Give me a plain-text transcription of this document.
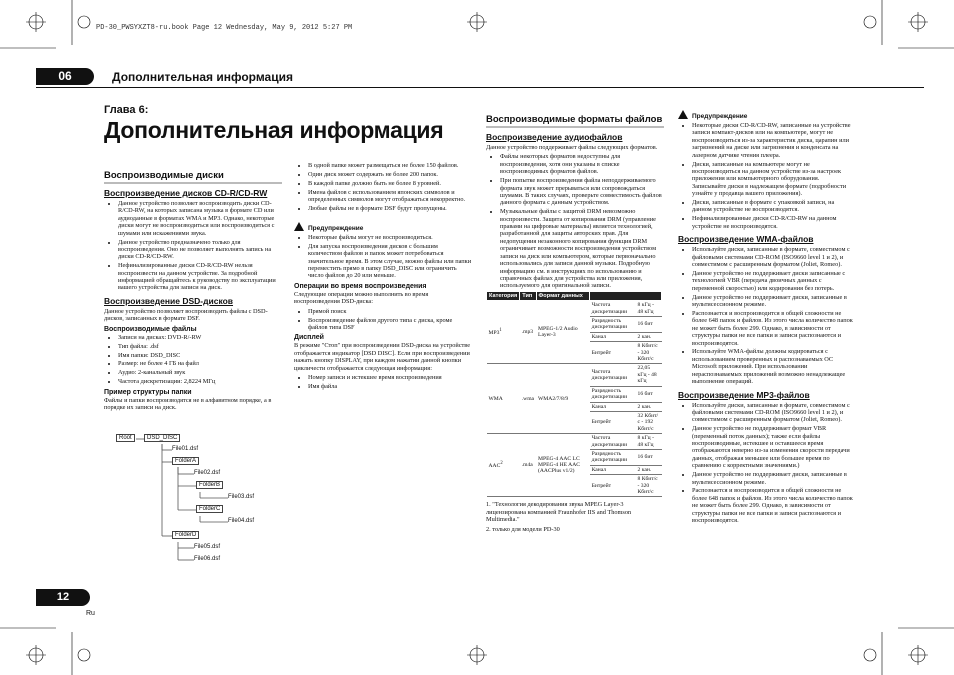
PD-30_PWSYXZT8-ru.book Page 12 Wednesday, May 9, 2012 5:27 PM
06	Дополнительная информация
Глава 6:
Дополнительная информация
Воспроизводимые диски
Воспроизведение дисков CD-R/CD-RW
• Данное устройство позволяет воспроизводить диски CD-R/CD-RW, на которых записана музыка в формате CD или аудиоданные в форматах WMA и MP3. Однако, некоторые диски могут не воспроизводиться или воспроизводиться с шумами или искажениями звука.
• Данное устройство предназначено только для воспроизведения. Оно не позволяет выполнять запись на диски CD-R/CD-RW.
• Нефинализированные диски CD-R/CD-RW нельзя воспроизвести на данном устройстве. За подробной информацией обращайтесь к руководству по эксплуатации вашего устройства для записи на диск.
Воспроизведение DSD-дисков

Данное устройство позволяет воспроизводить файлы с DSD-дисков, записанных в формате DSF.

Воспроизводимые файлы
• Записи на дисках: DVD-R/-RW
• Тип файла: .dsf
• Имя папки: DSD_DISC
• Размер: не более 4 ГБ на файл
• Аудио: 2-канальный звук
• Частота дискретизации: 2,8224 МГц
Пример структуры папки

Файлы и папки воспроизводятся не в алфавитном порядке, а в порядке их записи на диск.

Root	DSD_DISC
File01.dsf
FolderA
File02.dsf
FolderB
File03.dsf
FolderC
File04.dsf
FolderD
File05.dsf
File06.dsf
• В одной папке может размещаться не более 150 файлов.
• Один диск может содержать не более 200 папок.
• В каждой папке должно быть не более 8 уровней.
• Имена файлов с использованием японских символов и определенных символов могут отображаться некорректно.
• Любые файлы не в формате DSF будут пропущены.
Предупреждение
• Некоторые файлы могут не воспроизводиться.
• Для запуска воспроизведения дисков с большим количеством файлов и папок может потребоваться значительное время. В этом случае, можно файлы или папки переместить прямо в папку DSD_DISC или ограничить число файлов до 20 или меньше.
Операции во время воспроизведения

Следующие операции можно выполнить во время воспроизведения DSD-диска:

• Прямой поиск
• Воспроизведение файлов другого типа с диска, кроме файлов типа DSF
Дисплей

В режиме "Стоп" при воспроизведении DSD-диска на устройстве отображается индикатор [DSD DISC]. Если при воспроизведении нажать кнопку DISPLAY, при каждом нажатии данной кнопки цикличести отображается следующая информация:

• Номер записи и истекшее время воспроизведения
• Имя файла
Воспроизводимые форматы файлов
Воспроизведение аудиофайлов

Данное устройство поддерживает файлы следующих форматов.

• Файлы некоторых форматов недоступны для воспроизведения, хотя они указаны в списке воспроизводимых форматов файлов.
• При попытке воспроизведения файла неподдерживаемого формата звук может прерываться или сопровождаться шумами. В таких случаях, проверьте совместимость файлов данного формата с данным устройством.
• Музыкальные файлы с защитой DRM невозможно воспроизвести. Защита от копирования DRM (управление правами на цифровые материалы) является технологией, разработанной для защиты авторских прав. Для недопущения незаконного копирования функция DRM ограничивает возможности воспроизведения устройством записи на диск или компьютером, которые первоначально использовались для записи данной музыки. Подробную информацию см. в инструкциях по использованию и справочных файлах для устройства или приложения, используемого для оригинальной записи.
Категория	Тип	Формат данных		
$MP3^1$	.mp3	MPEG-1/2 Audio Layer-3	Частота дискретизации	8 кГц - 48 кГц
			Разрядность дискретизации	16 бит
			Канал	2 кан.
			Битрейт	8 Кбит/с - 320 Кбит/с
WMA	.wma	WMA2/7/8/9	Частота дискретизации	22,05 кГц - 48 кГц
			Разрядность дискретизации	16 бит
			Канал	2 кан.
			Битрейт	32 Кбит/с - 192 Кбит/с
AAC$^2$	.m4a	MPEG-4 AAC LC MPEG-4 HE AAC (AACPlus v1/2)	Частота дискретизации	8 кГц - 48 кГц
			Разрядность дискретизации	16 бит
			Канал	2 кан.
			Битрейт	8 Кбит/с - 320 Кбит/с

1. "Технология декодирования звука MPEG Layer-3 лицензирована компанией Fraunhofer IIS and Thomson Multimedia."

2. только для модели PD-30

Предупреждение
• Некоторые диски CD-R/CD-RW, записанные на устройстве записи компакт-дисков или на компьютере, могут не воспроизводиться из-за характеристик диска, царапин или загрязнений на диске или загрязнения и конденсата на лазерном датчике чтения плеера.
• Диски, записанные на компьютере могут не воспроизводиться на данном устройстве из-за настроек приложения или компьютерного оборудования. Записывайте диски в надлежащем формате (подробности узнайте у продавца вашего приложения).
• Диски, записанные в формате с упаковкой записи, на данном устройстве не воспроизводятся.
• Нефинализированные диски CD-R/CD-RW на данном устройстве не воспроизводятся.
Воспроизведение WMA-файлов
• Используйте диски, записанные в формате, совместимом с файловыми системами CD-ROM (ISO9660 level 1 и 2), и совместимом с расширенным форматом (Joliet, Romeo).
• Данное устройство не поддерживает диски записанные с технологией VBR (передача двоичных данных с переменной скоростью) или кодирования без потерь.
• Данное устройство не поддерживает диски, записанные в мультисессионном режиме.
• Распознается и воспроизводится в общей сложности не более 648 папок и файлов. Из этого числа количество папок не может быть более 299. Однако, в зависимости от структуры папки не все папки и записи распознаются и воспроизводятся.
• Используйте WMA-файлы должны кодироваться с использованием проверенных и распознаваемых ОС Microsoft приложений. При использовании нераспознаваемых приложений возможно ненадлежащее выполнение операций.
Воспроизведение MP3-файлов
• Используйте диски, записанные в формате, совместимом с файловыми системами CD-ROM (ISO9660 level 1 и 2), и совместимом с расширенным форматом (Joliet, Romeo).
• Данное устройство не поддерживает формат VBR (переменный поток данных); также если файлы воспроизводимые, истекшее и оставшееся время отображаются неверно из-за изменения скорости передачи данных, отображая меньшее или большее время по сравнению с корректными значениями.)
• Данное устройство не поддерживает диски, записанные в мультисессионном режиме.
• Распознается и воспроизводится в общей сложности не более 648 папок и файлов. Из этого числа количество папок не может быть более 299. Однако, в зависимости от структуры папки не все папки и записи распознаются и воспроизводятся.
12
Ru
